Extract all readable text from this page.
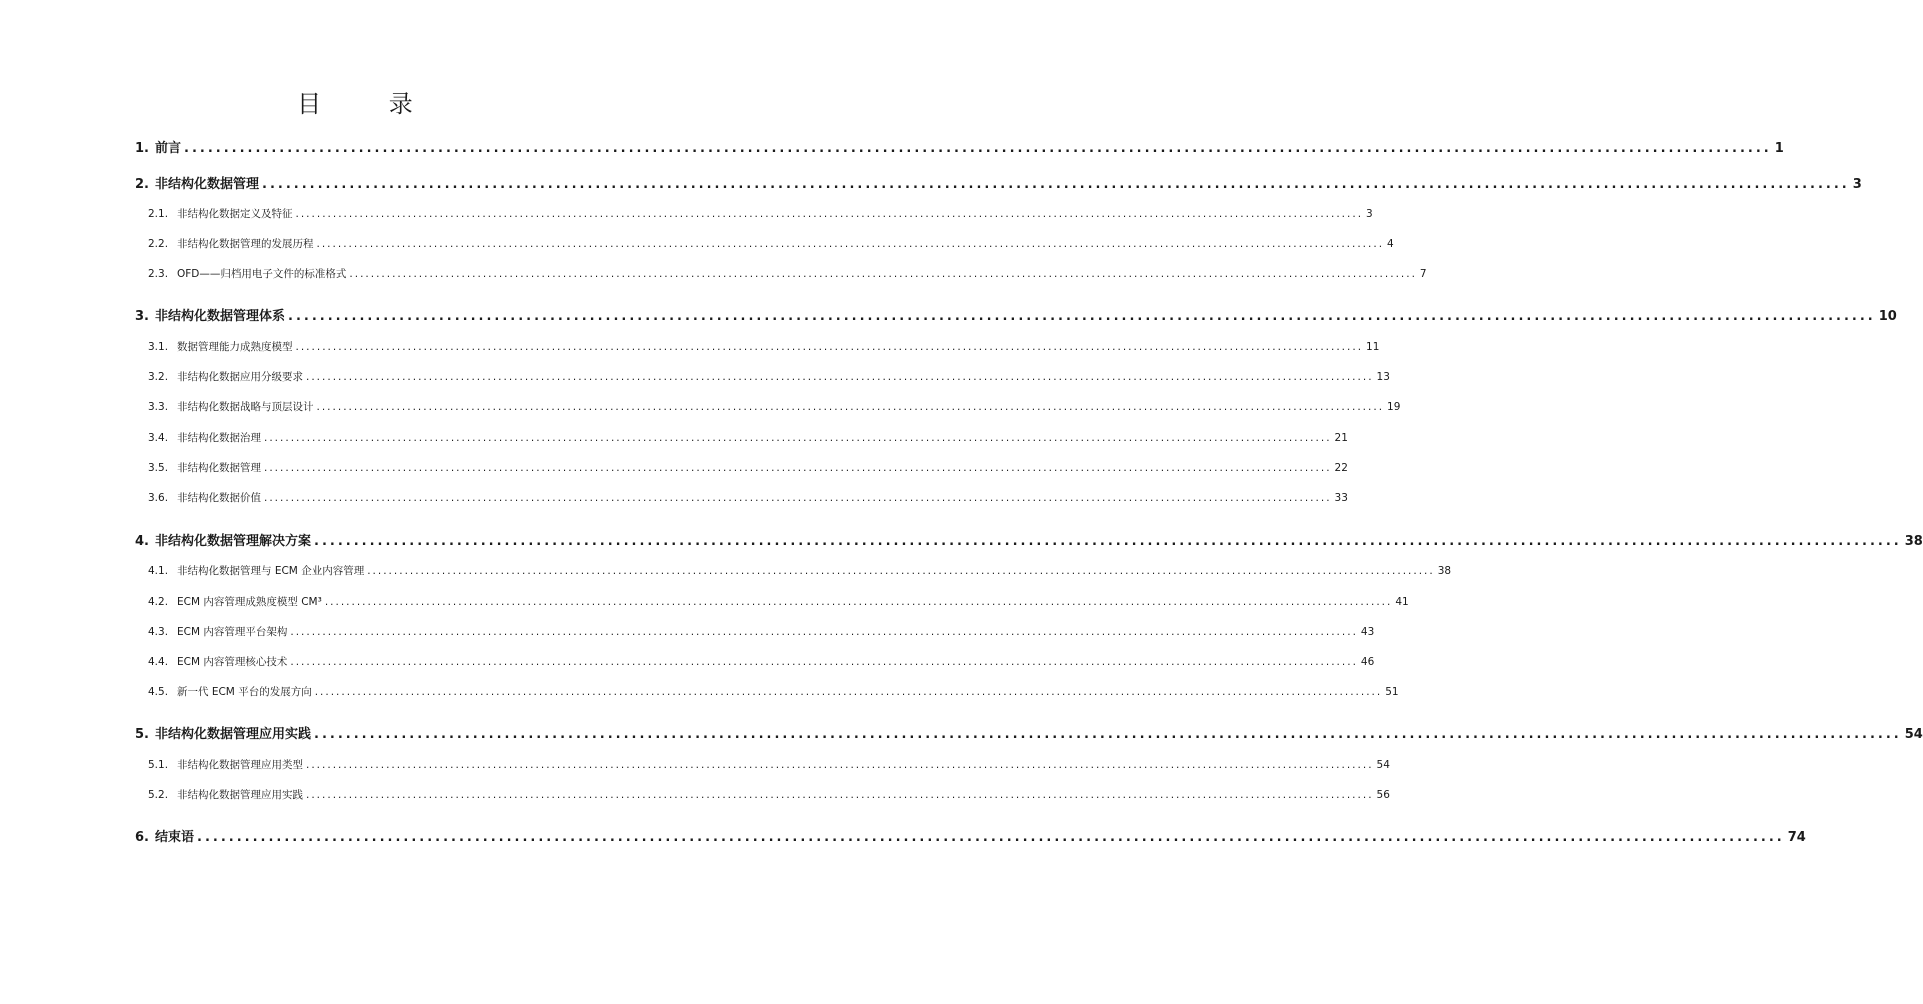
目 录
1. 前言 ........................................................................................................................................................................................................ 1
2. 非结构化数据管理 ........................................................................................................................................................................................................ 3
2.1. 非结构化数据定义及特征 ........................................................................................................................................................................................................ 3
2.2. 非结构化数据管理的发展历程 ........................................................................................................................................................................................................ 4
2.3. OFD——归档用电子文件的标准格式 ........................................................................................................................................................................................................ 7
3. 非结构化数据管理体系 ........................................................................................................................................................................................................ 10
3.1. 数据管理能力成熟度模型 ........................................................................................................................................................................................................ 11
3.2. 非结构化数据应用分级要求 ........................................................................................................................................................................................................ 13
3.3. 非结构化数据战略与顶层设计 ........................................................................................................................................................................................................ 19
3.4. 非结构化数据治理 ........................................................................................................................................................................................................ 21
3.5. 非结构化数据管理 ........................................................................................................................................................................................................ 22
3.6. 非结构化数据价值 ........................................................................................................................................................................................................ 33
4. 非结构化数据管理解决方案 ........................................................................................................................................................................................................ 38
4.1. 非结构化数据管理与 ECM 企业内容管理 ........................................................................................................................................................................................................ 38
4.2. ECM 内容管理成熟度模型 CM³ ........................................................................................................................................................................................................ 41
4.3. ECM 内容管理平台架构 ........................................................................................................................................................................................................ 43
4.4. ECM 内容管理核心技术 ........................................................................................................................................................................................................ 46
4.5. 新一代 ECM 平台的发展方向 ........................................................................................................................................................................................................ 51
5. 非结构化数据管理应用实践 ........................................................................................................................................................................................................ 54
5.1. 非结构化数据管理应用类型 ........................................................................................................................................................................................................ 54
5.2. 非结构化数据管理应用实践 ........................................................................................................................................................................................................ 56
6. 结束语 ........................................................................................................................................................................................................ 74
